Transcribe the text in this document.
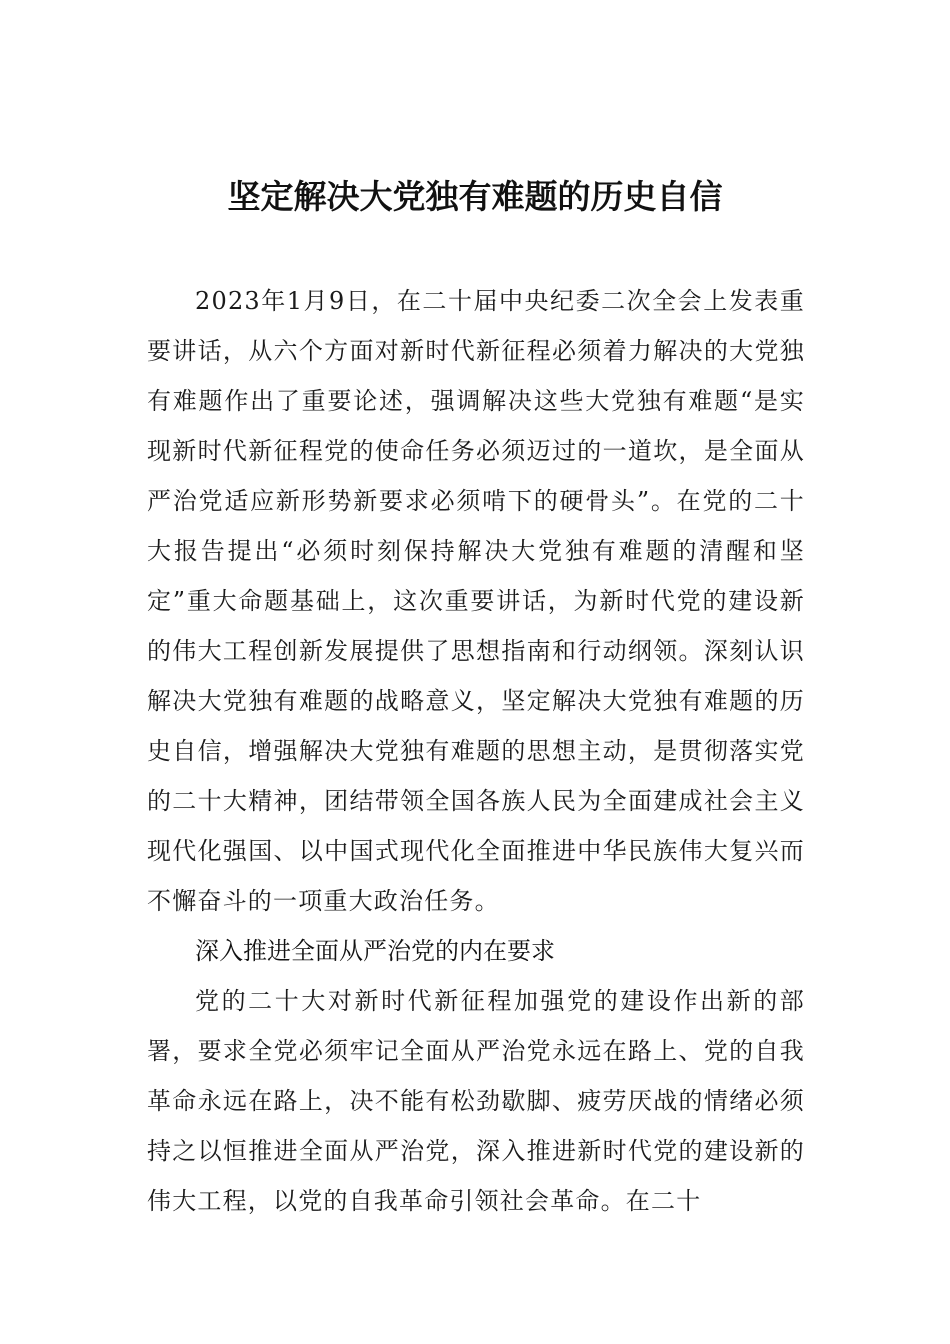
坚定解决大党独有难题的历史自信

2023年1月9日，在二十届中央纪委二次全会上发表重要讲话，从六个方面对新时代新征程必须着力解决的大党独有难题作出了重要论述，强调解决这些大党独有难题“是实现新时代新征程党的使命任务必须迈过的一道坎，是全面从严治党适应新形势新要求必须啃下的硬骨头”。在党的二十大报告提出“必须时刻保持解决大党独有难题的清醒和坚定”重大命题基础上，这次重要讲话，为新时代党的建设新的伟大工程创新发展提供了思想指南和行动纲领。深刻认识解决大党独有难题的战略意义，坚定解决大党独有难题的历史自信，增强解决大党独有难题的思想主动，是贯彻落实党的二十大精神，团结带领全国各族人民为全面建成社会主义现代化强国、以中国式现代化全面推进中华民族伟大复兴而不懈奋斗的一项重大政治任务。

深入推进全面从严治党的内在要求

党的二十大对新时代新征程加强党的建设作出新的部署，要求全党必须牢记全面从严治党永远在路上、党的自我革命永远在路上，决不能有松劲歇脚、疲劳厌战的情绪必须持之以恒推进全面从严治党，深入推进新时代党的建设新的伟大工程，以党的自我革命引领社会革命。在二十
